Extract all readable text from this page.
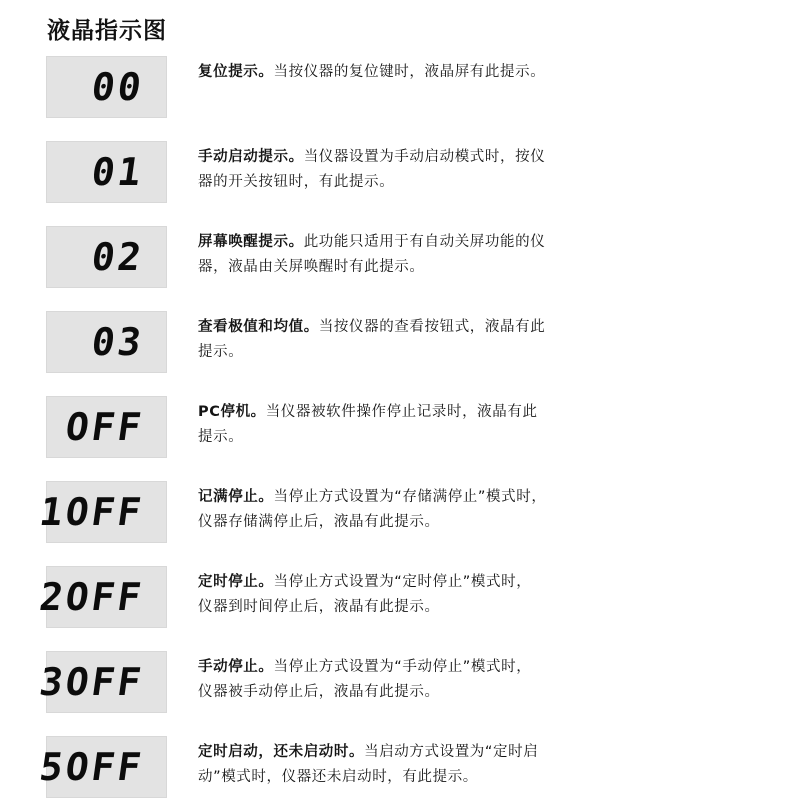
液晶指示图
00	复位提示。当按仪器的复位键时，液晶屏有此提示。

01	手动启动提示。当仪器设置为手动启动模式时，按仪
器的开关按钮时，有此提示。
02	屏幕唤醒提示。此功能只适用于有自动关屏功能的仪
器，液晶由关屏唤醒时有此提示。
03	查看极值和均值。当按仪器的查看按钮式，液晶有此
提示。
OFF	PC停机。当仪器被软件操作停止记录时，液晶有此
提示。
1OFF	记满停止。当停止方式设置为“存储满停止”模式时，
仪器存储满停止后，液晶有此提示。
2OFF	定时停止。当停止方式设置为“定时停止”模式时，
仪器到时间停止后，液晶有此提示。
3OFF	手动停止。当停止方式设置为“手动停止”模式时，
仪器被手动停止后，液晶有此提示。
5OFF	定时启动，还未启动时。当启动方式设置为“定时启
动”模式时，仪器还未启动时，有此提示。
